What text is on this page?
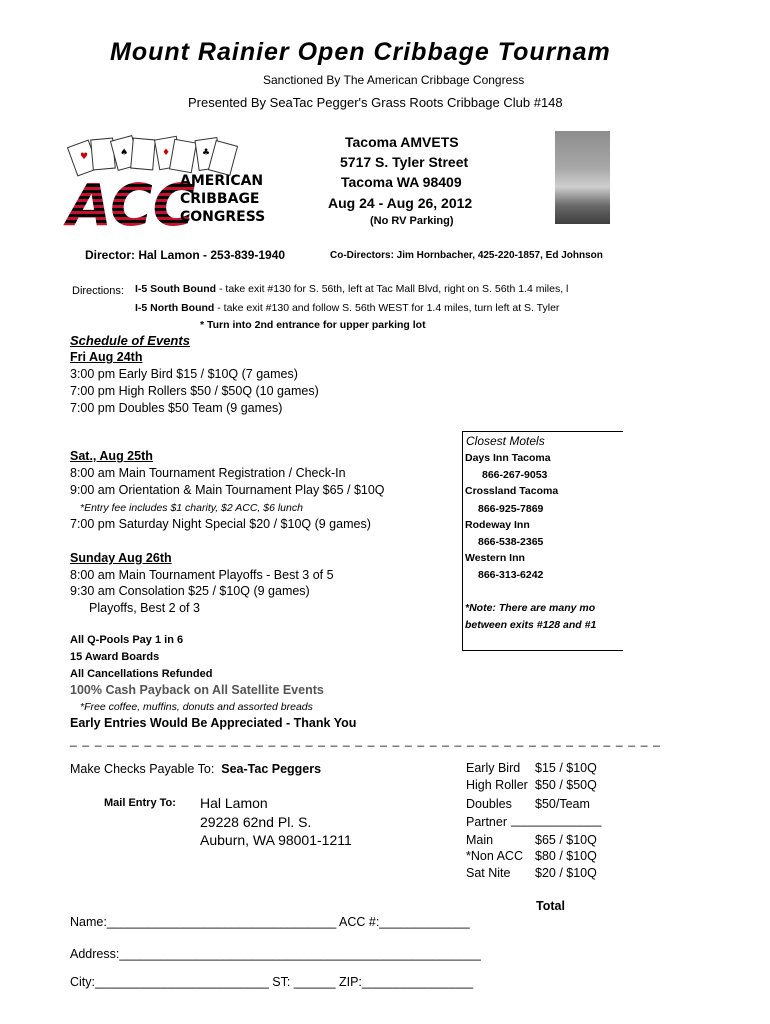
Mount Rainier Open Cribbage Tournam
Sanctioned By The American Cribbage Congress
Presented By SeaTac Pegger's Grass Roots Cribbage Club #148
♥	♠	♦	♣
ACC
AMERICAN
CRIBBAGE
CONGRESS
Tacoma AMVETS
5717 S. Tyler Street
Tacoma WA 98409
Aug 24 - Aug 26, 2012
(No RV Parking)
Director: Hal Lamon - 253-839-1940	Co-Directors: Jim Hornbacher, 425-220-1857, Ed Johnson
Directions: I-5 South Bound - take exit #130 for S. 56th, left at Tac Mall Blvd, right on S. 56th 1.4 miles, l
I-5 North Bound - take exit #130 and follow S. 56th WEST for 1.4 miles, turn left at S. Tyler
* Turn into 2nd entrance for upper parking lot
Schedule of Events
Fri Aug 24th
3:00 pm Early Bird $15 / $10Q (7 games)
7:00 pm High Rollers $50 / $50Q (10 games)
7:00 pm Doubles $50 Team (9 games)
Sat., Aug 25th
8:00 am Main Tournament Registration / Check-In
9:00 am Orientation & Main Tournament Play $65 / $10Q
*Entry fee includes $1 charity, $2 ACC, $6 lunch
7:00 pm Saturday Night Special $20 / $10Q (9 games)
Sunday Aug 26th
8:00 am Main Tournament Playoffs - Best 3 of 5
9:30 am Consolation $25 / $10Q (9 games)
Playoffs, Best 2 of 3
All Q-Pools Pay 1 in 6
15 Award Boards
All Cancellations Refunded
100% Cash Payback on All Satellite Events
*Free coffee, muffins, donuts and assorted breads
Early Entries Would Be Appreciated - Thank You
_ _ _ _ _ _ _ _ _ _ _ _ _ _ _ _ _ _ _ _ _ _ _ _ _ _ _ _ _ _ _ _ _ _ _ _ _ _ _ _ _ _ _ _ _ _ _ _
Closest Motels
Days Inn Tacoma
866-267-9053
Crossland Tacoma
866-925-7869
Rodeway Inn
866-538-2365
Western Inn
866-313-6242
*Note: There are many mo
between exits #128 and #1
Make Checks Payable To: Sea-Tac Peggers
Mail Entry To: Hal Lamon
29228 62nd Pl. S.
Auburn, WA 98001-1211
Early Bird $15 / $10Q
High Roller $50 / $50Q
Doubles $50/Team
Partner _____________
Main	$65 / $10Q
*Non ACC $80 / $10Q
Sat Nite $20 / $10Q
Total
Name:_________________________________ ACC #:_____________
Address:____________________________________________________
City:_________________________ ST: ______ ZIP:________________
